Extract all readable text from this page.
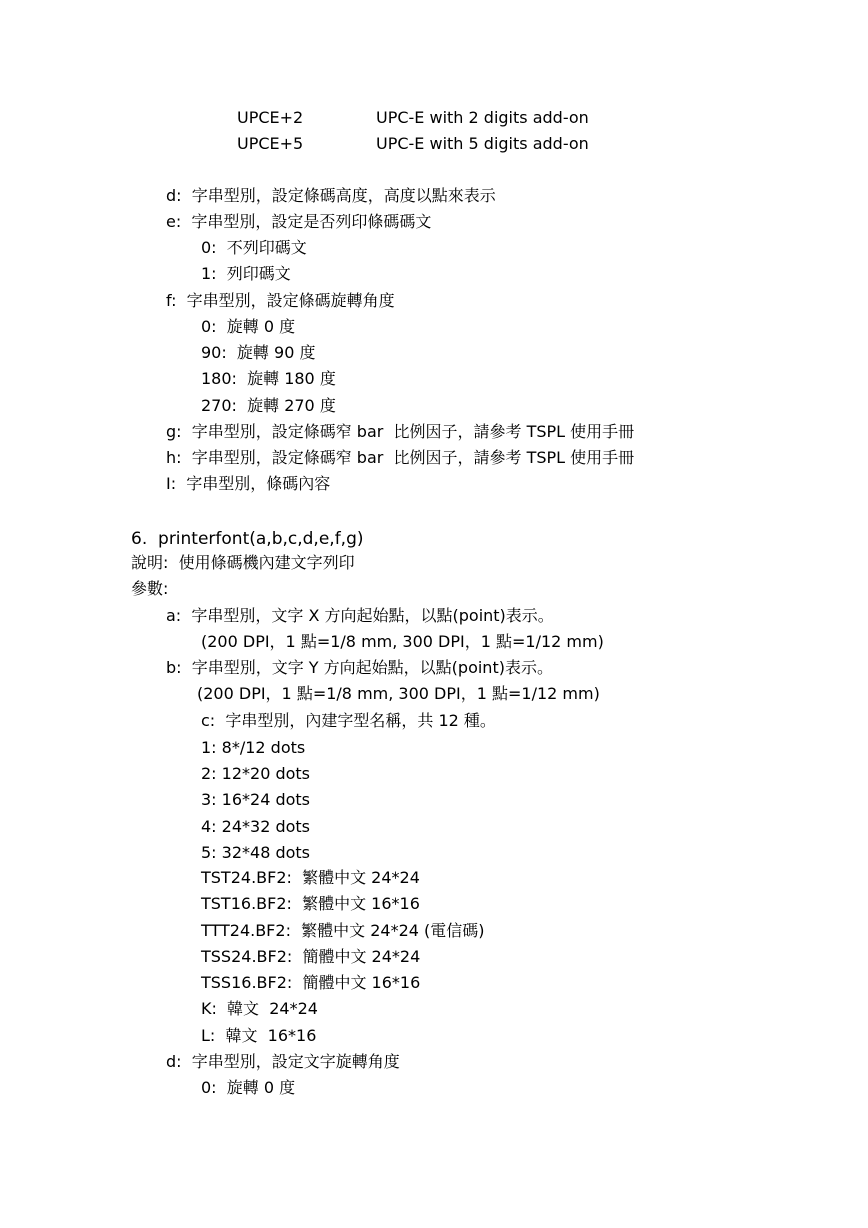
UPCE+2	UPC-E with 2 digits add-on
UPCE+5	UPC-E with 5 digits add-on

d:  字串型別，設定條碼高度，高度以點來表示

e:  字串型別，設定是否列印條碼碼文

0:  不列印碼文

1:  列印碼文

f:  字串型別，設定條碼旋轉角度

0:  旋轉 0 度

90:  旋轉 90 度

180:  旋轉 180 度

270:  旋轉 270 度

g:  字串型別，設定條碼窄 bar  比例因子，請參考 TSPL 使用手冊

h:  字串型別，設定條碼窄 bar  比例因子，請參考 TSPL 使用手冊

I:  字串型別，條碼內容

6.  printerfont(a,b,c,d,e,f,g)

說明:  使用條碼機內建文字列印

參數:

a:  字串型別，文字 X 方向起始點，以點(point)表示。

(200 DPI，1 點=1/8 mm, 300 DPI，1 點=1/12 mm)

b:  字串型別，文字 Y 方向起始點，以點(point)表示。

(200 DPI，1 點=1/8 mm, 300 DPI，1 點=1/12 mm)

c:  字串型別，內建字型名稱，共 12 種。

1: 8*/12 dots

2: 12*20 dots

3: 16*24 dots

4: 24*32 dots

5: 32*48 dots

TST24.BF2:  繁體中文 24*24

TST16.BF2:  繁體中文 16*16

TTT24.BF2:  繁體中文 24*24 (電信碼)

TSS24.BF2:  簡體中文 24*24

TSS16.BF2:  簡體中文 16*16

K:  韓文  24*24

L:  韓文  16*16

d:  字串型別，設定文字旋轉角度

0:  旋轉 0 度
